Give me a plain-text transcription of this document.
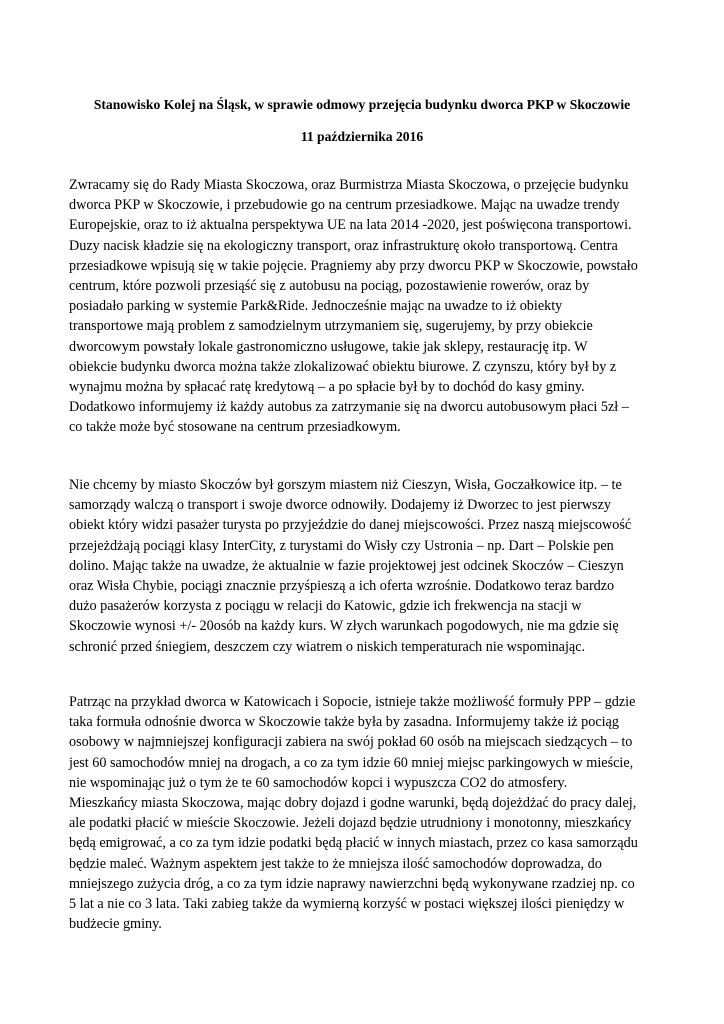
Stanowisko Kolej na Śląsk, w sprawie odmowy przejęcia budynku dworca PKP w Skoczowie

11 października 2016

Zwracamy się do Rady Miasta Skoczowa, oraz Burmistrza Miasta Skoczowa, o przejęcie budynku
dworca PKP w Skoczowie, i przebudowie go na centrum przesiadkowe. Mając na uwadze trendy
Europejskie, oraz to iż aktualna perspektywa UE na lata 2014 -2020, jest poświęcona transportowi.
Duzy nacisk kładzie się na ekologiczny transport, oraz infrastrukturę około transportową. Centra
przesiadkowe wpisują się w takie pojęcie. Pragniemy aby przy dworcu PKP w Skoczowie, powstało
centrum, które pozwoli przesiąść się z autobusu na pociąg, pozostawienie rowerów, oraz by
posiadało parking w systemie Park&Ride. Jednocześnie mając na uwadze to iż obiekty
transportowe mają problem z samodzielnym utrzymaniem się, sugerujemy, by przy obiekcie
dworcowym powstały lokale gastronomiczno usługowe, takie jak sklepy, restaurację itp. W
obiekcie budynku dworca można także zlokalizować obiektu biurowe. Z czynszu, który był by z
wynajmu można by spłacać ratę kredytową – a po spłacie był by to dochód do kasy gminy.
Dodatkowo informujemy iż każdy autobus za zatrzymanie się na dworcu autobusowym płaci 5zł –
co także może być stosowane na centrum przesiadkowym.

Nie chcemy by miasto Skoczów był gorszym miastem niż Cieszyn, Wisła, Goczałkowice itp. – te
samorządy walczą o transport i swoje dworce odnowiły. Dodajemy iż Dworzec to jest pierwszy
obiekt który widzi pasażer turysta po przyjeździe do danej miejscowości. Przez naszą miejscowość
przejeżdżają pociągi klasy InterCity, z turystami do Wisły czy Ustronia – np. Dart – Polskie pen
dolino. Mając także na uwadze, że aktualnie w fazie projektowej jest odcinek Skoczów – Cieszyn
oraz Wisła Chybie, pociągi znacznie przyśpieszą a ich oferta wzrośnie. Dodatkowo teraz bardzo
dużo pasażerów korzysta z pociągu w relacji do Katowic, gdzie ich frekwencja na stacji w
Skoczowie wynosi +/- 20osób na każdy kurs. W złych warunkach pogodowych, nie ma gdzie się
schronić przed śniegiem, deszczem czy wiatrem o niskich temperaturach nie wspominając.

Patrząc na przykład dworca w Katowicach i Sopocie, istnieje także możliwość formuły PPP – gdzie
taka formuła odnośnie dworca w Skoczowie także była by zasadna. Informujemy także iż pociąg
osobowy w najmniejszej konfiguracji zabiera na swój pokład 60 osób na miejscach siedzących – to
jest 60 samochodów mniej na drogach, a co za tym idzie 60 mniej miejsc parkingowych w mieście,
nie wspominając już o tym że te 60 samochodów kopci i wypuszcza CO2 do atmosfery.
Mieszkańcy miasta Skoczowa, mając dobry dojazd i godne warunki, będą dojeżdżać do pracy dalej,
ale podatki płacić w mieście Skoczowie. Jeżeli dojazd będzie utrudniony i monotonny, mieszkańcy
będą emigrować, a co za tym idzie podatki będą płacić w innych miastach, przez co kasa samorządu
będzie maleć. Ważnym aspektem jest także to że mniejsza ilość samochodów doprowadza, do
mniejszego zużycia dróg, a co za tym idzie naprawy nawierzchni będą wykonywane rzadziej np. co
5 lat a nie co 3 lata. Taki zabieg także da wymierną korzyść w postaci większej ilości pieniędzy w
budżecie gminy.
